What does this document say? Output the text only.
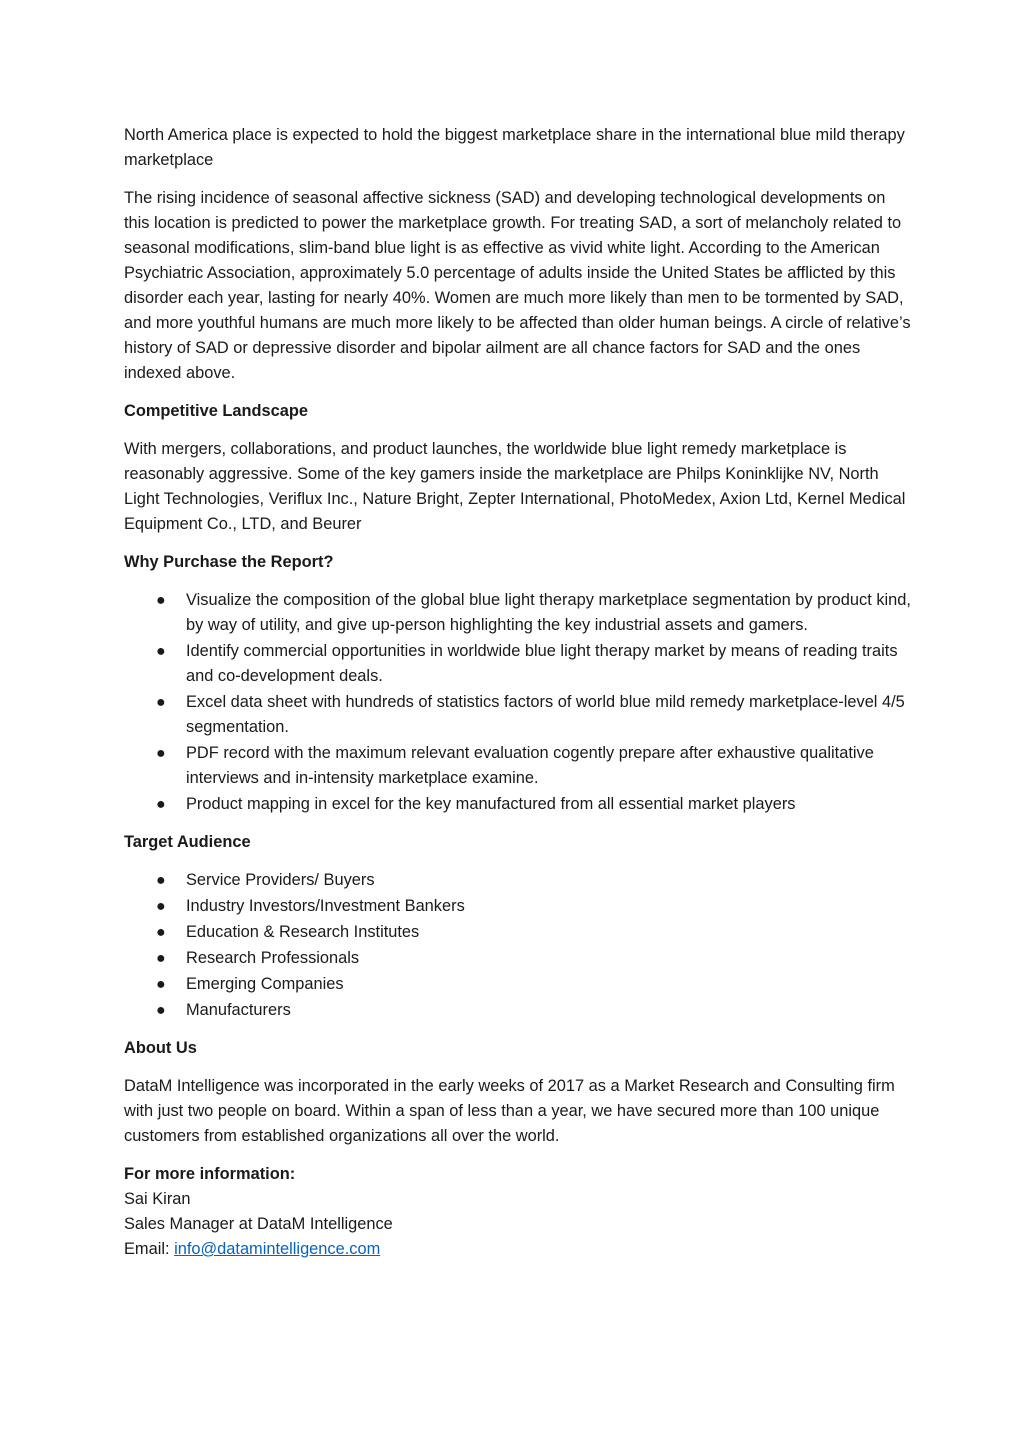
North America place is expected to hold the biggest marketplace share in the international blue mild therapy marketplace

The rising incidence of seasonal affective sickness (SAD) and developing technological developments on this location is predicted to power the marketplace growth. For treating SAD, a sort of melancholy related to seasonal modifications, slim-band blue light is as effective as vivid white light. According to the American Psychiatric Association, approximately 5.0 percentage of adults inside the United States be afflicted by this disorder each year, lasting for nearly 40%. Women are much more likely than men to be tormented by SAD, and more youthful humans are much more likely to be affected than older human beings. A circle of relative’s history of SAD or depressive disorder and bipolar ailment are all chance factors for SAD and the ones indexed above.

Competitive Landscape

With mergers, collaborations, and product launches, the worldwide blue light remedy marketplace is reasonably aggressive. Some of the key gamers inside the marketplace are Philps Koninklijke NV, North Light Technologies, Veriflux Inc., Nature Bright, Zepter International, PhotoMedex, Axion Ltd, Kernel Medical Equipment Co., LTD, and Beurer

Why Purchase the Report?

● Visualize the composition of the global blue light therapy marketplace segmentation by product kind, by way of utility, and give up-person highlighting the key industrial assets and gamers.
● Identify commercial opportunities in worldwide blue light therapy market by means of reading traits and co-development deals.
● Excel data sheet with hundreds of statistics factors of world blue mild remedy marketplace-level 4/5 segmentation.
● PDF record with the maximum relevant evaluation cogently prepare after exhaustive qualitative interviews and in-intensity marketplace examine.
● Product mapping in excel for the key manufactured from all essential market players

Target Audience

● Service Providers/ Buyers
● Industry Investors/Investment Bankers
● Education & Research Institutes
● Research Professionals
● Emerging Companies
● Manufacturers

About Us

DataM Intelligence was incorporated in the early weeks of 2017 as a Market Research and Consulting firm with just two people on board. Within a span of less than a year, we have secured more than 100 unique customers from established organizations all over the world.

For more information:

Sai Kiran

Sales Manager at DataM Intelligence

Email: info@datamintelligence.com
